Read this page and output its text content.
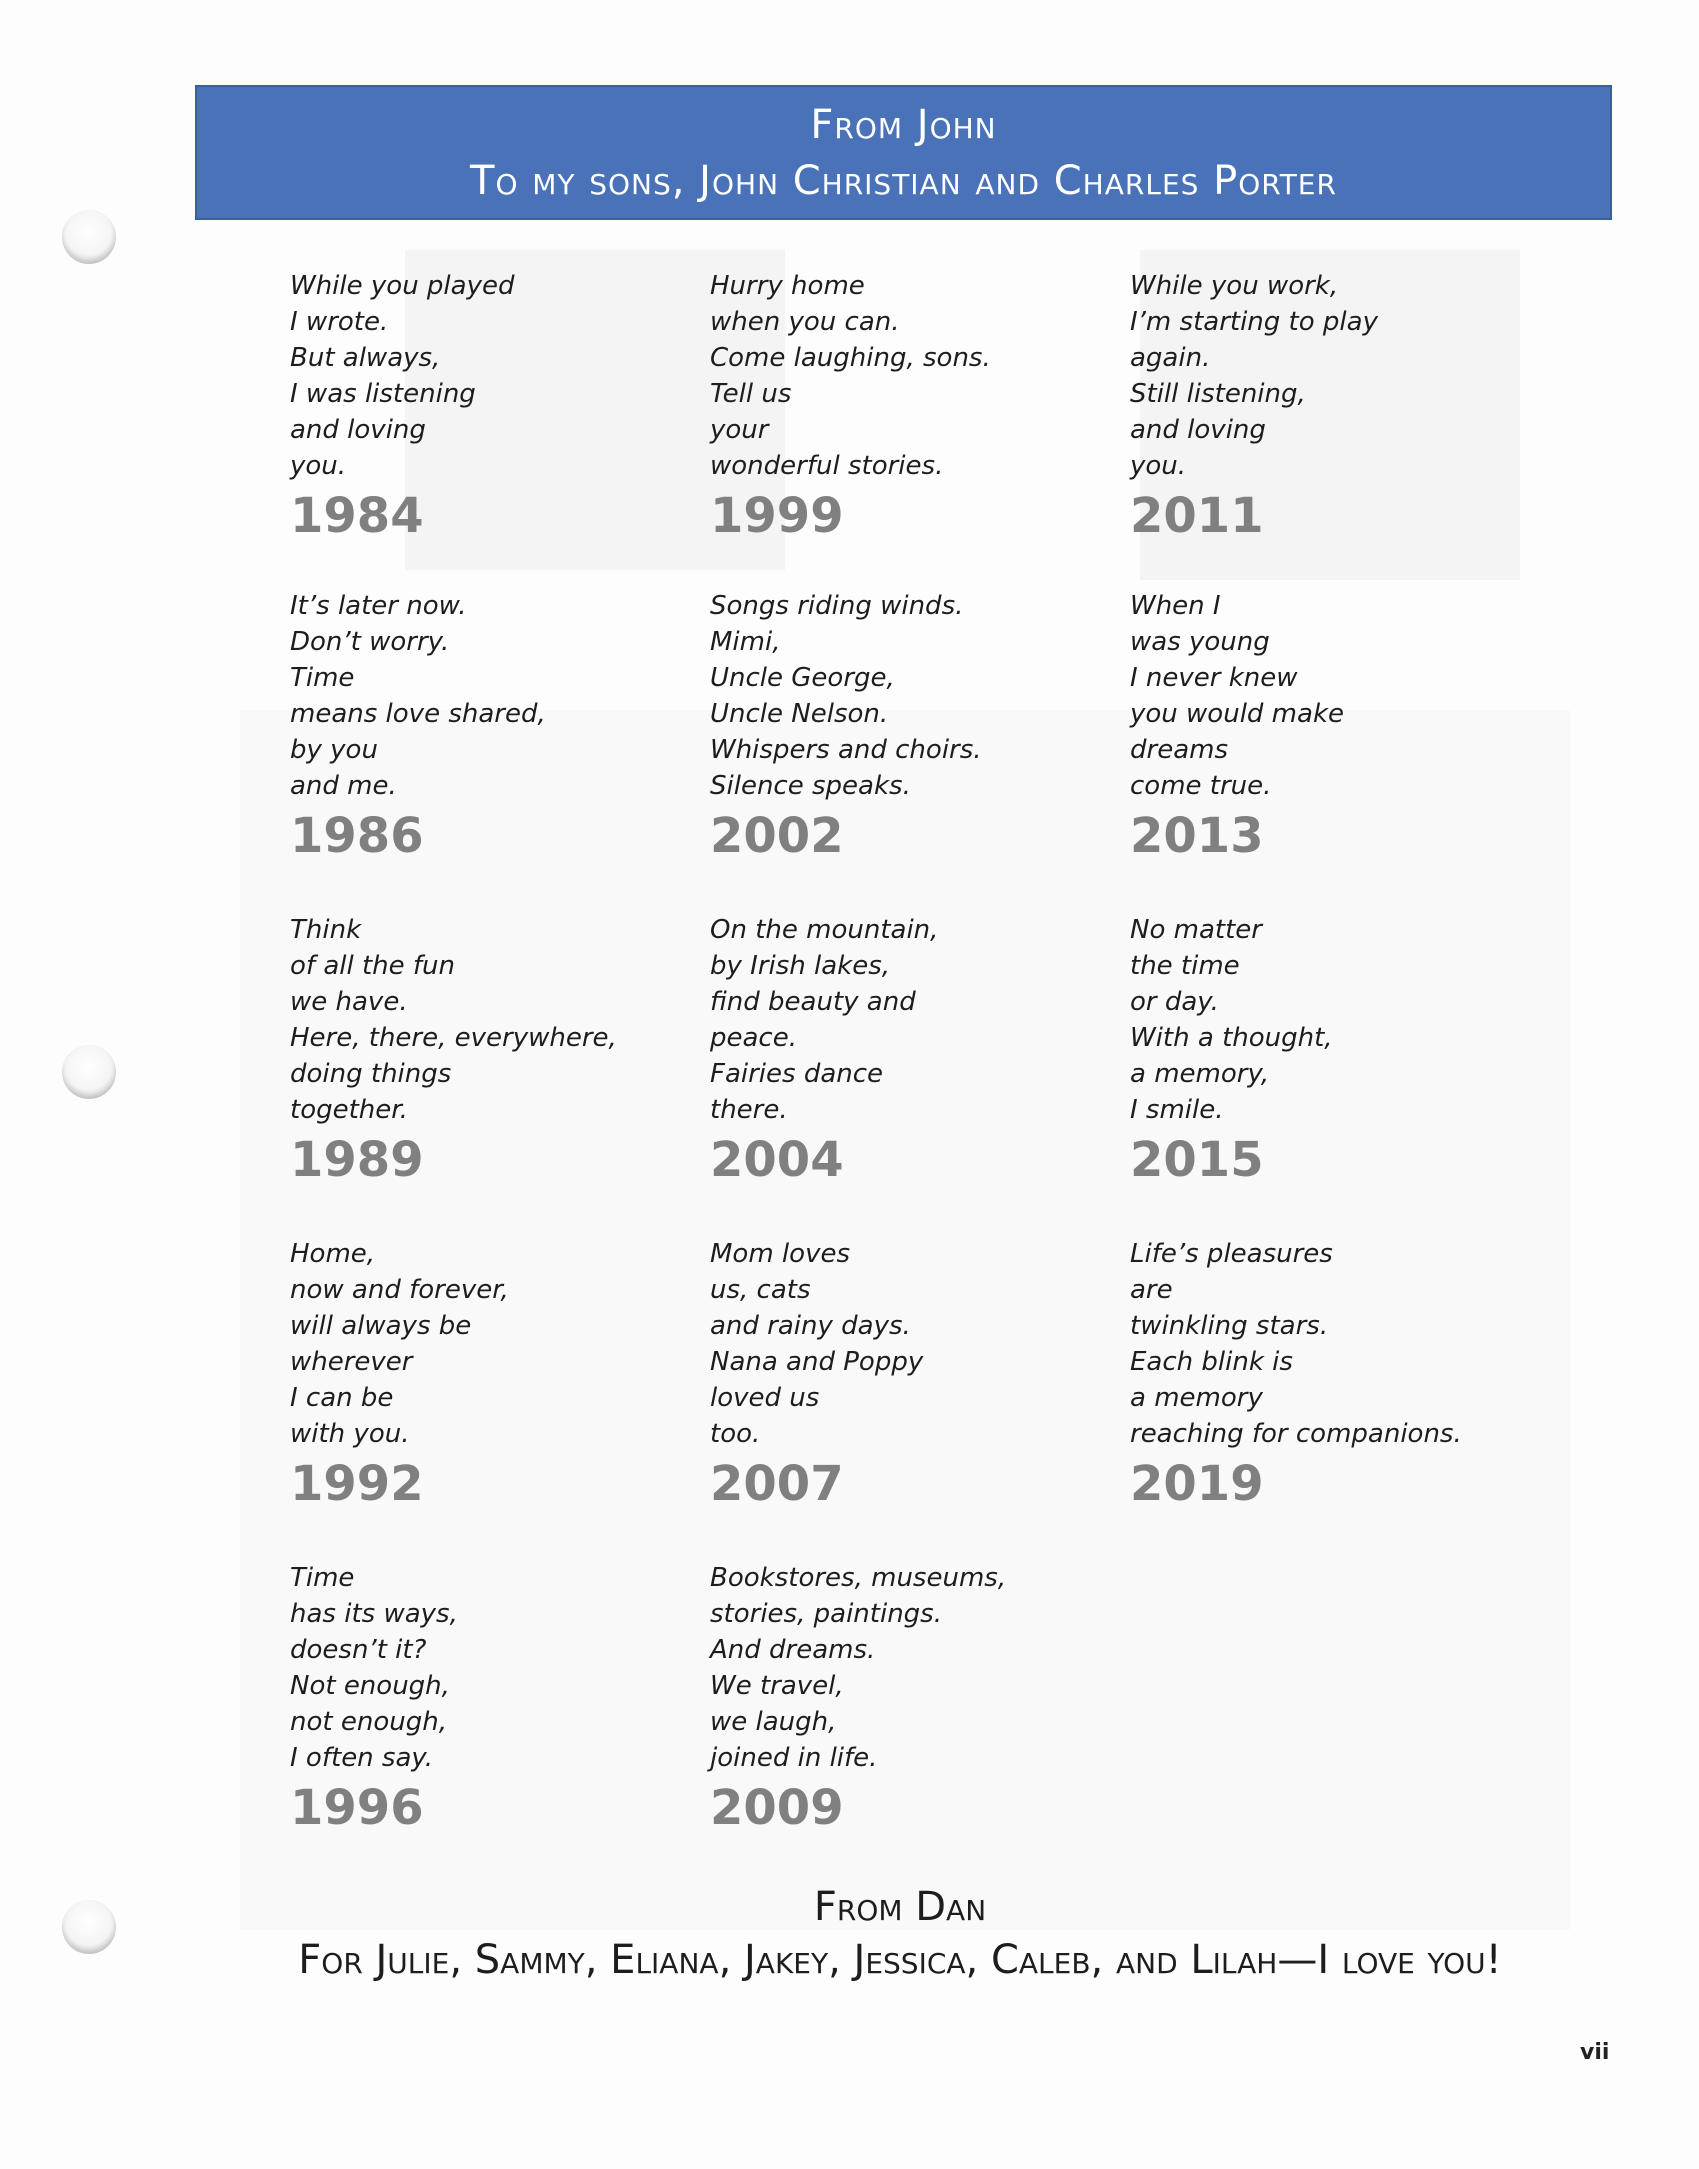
From John
To my sons, John Christian and Charles Porter
While you played
I wrote.
But always,
I was listening
and loving
you.
1984
Hurry home
when you can.
Come laughing, sons.
Tell us
your
wonderful stories.
1999
While you work,
I’m starting to play
again.
Still listening,
and loving
you.
2011
It’s later now.
Don’t worry.
Time
means love shared,
by you
and me.
1986
Songs riding winds.
Mimi,
Uncle George,
Uncle Nelson.
Whispers and choirs.
Silence speaks.
2002
When I
was young
I never knew
you would make
dreams
come true.
2013
Think
of all the fun
we have.
Here, there, everywhere,
doing things
together.
1989
On the mountain,
by Irish lakes,
find beauty and
peace.
Fairies dance
there.
2004
No matter
the time
or day.
With a thought,
a memory,
I smile.
2015
Home,
now and forever,
will always be
wherever
I can be
with you.
1992
Mom loves
us, cats
and rainy days.
Nana and Poppy
loved us
too.
2007
Life’s pleasures
are
twinkling stars.
Each blink is
a memory
reaching for companions.
2019
Time
has its ways,
doesn’t it?
Not enough,
not enough,
I often say.
1996
Bookstores, museums,
stories, paintings.
And dreams.
We travel,
we laugh,
joined in life.
2009
From Dan
For Julie, Sammy, Eliana, Jakey, Jessica, Caleb, and Lilah—I love you!
vii
